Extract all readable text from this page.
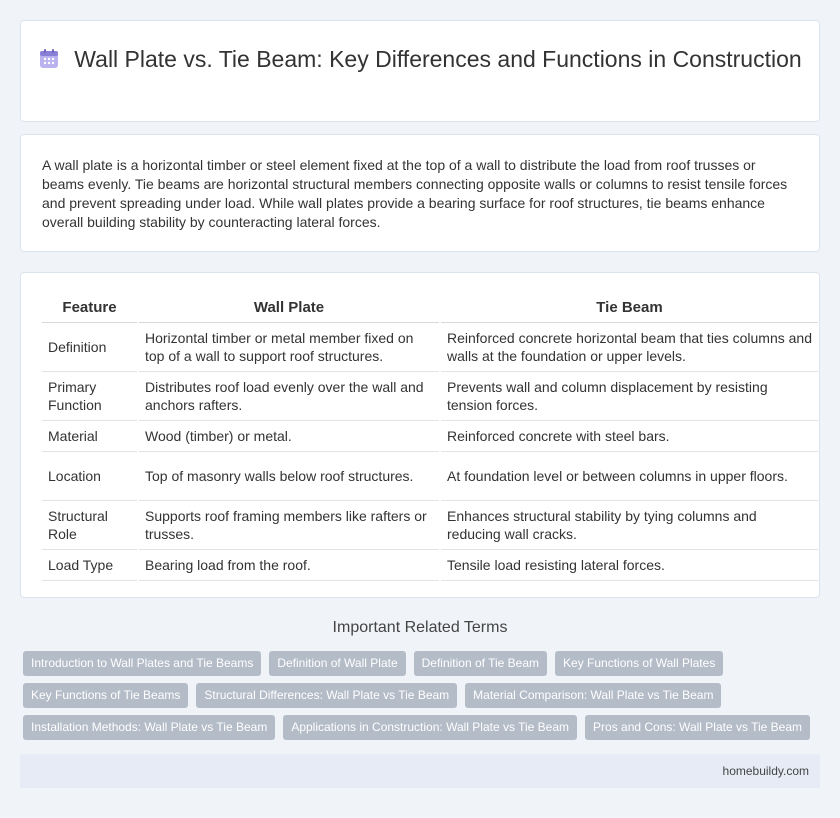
Wall Plate vs. Tie Beam: Key Differences and Functions in Construction

A wall plate is a horizontal timber or steel element fixed at the top of a wall to distribute the load from roof trusses or beams evenly. Tie beams are horizontal structural members connecting opposite walls or columns to resist tensile forces and prevent spreading under load. While wall plates provide a bearing surface for roof structures, tie beams enhance overall building stability by counteracting lateral forces.

Feature	Wall Plate	Tie Beam
Definition	Horizontal timber or metal member fixed on top of a wall to support roof structures.	Reinforced concrete horizontal beam that ties columns and walls at the foundation or upper levels.
Primary Function	Distributes roof load evenly over the wall and anchors rafters.	Prevents wall and column displacement by resisting tension forces.
Material	Wood (timber) or metal.	Reinforced concrete with steel bars.
Location	Top of masonry walls below roof structures.	At foundation level or between columns in upper floors.
Structural Role	Supports roof framing members like rafters or trusses.	Enhances structural stability by tying columns and reducing wall cracks.
Load Type	Bearing load from the roof.	Tensile load resisting lateral forces.
Important Related Terms
Introduction to Wall Plates and Tie Beams	Definition of Wall Plate	Definition of Tie Beam	Key Functions of Wall Plates
Key Functions of Tie Beams	Structural Differences: Wall Plate vs Tie Beam	Material Comparison: Wall Plate vs Tie Beam
Installation Methods: Wall Plate vs Tie Beam	Applications in Construction: Wall Plate vs Tie Beam	Pros and Cons: Wall Plate vs Tie Beam
homebuildy.com
